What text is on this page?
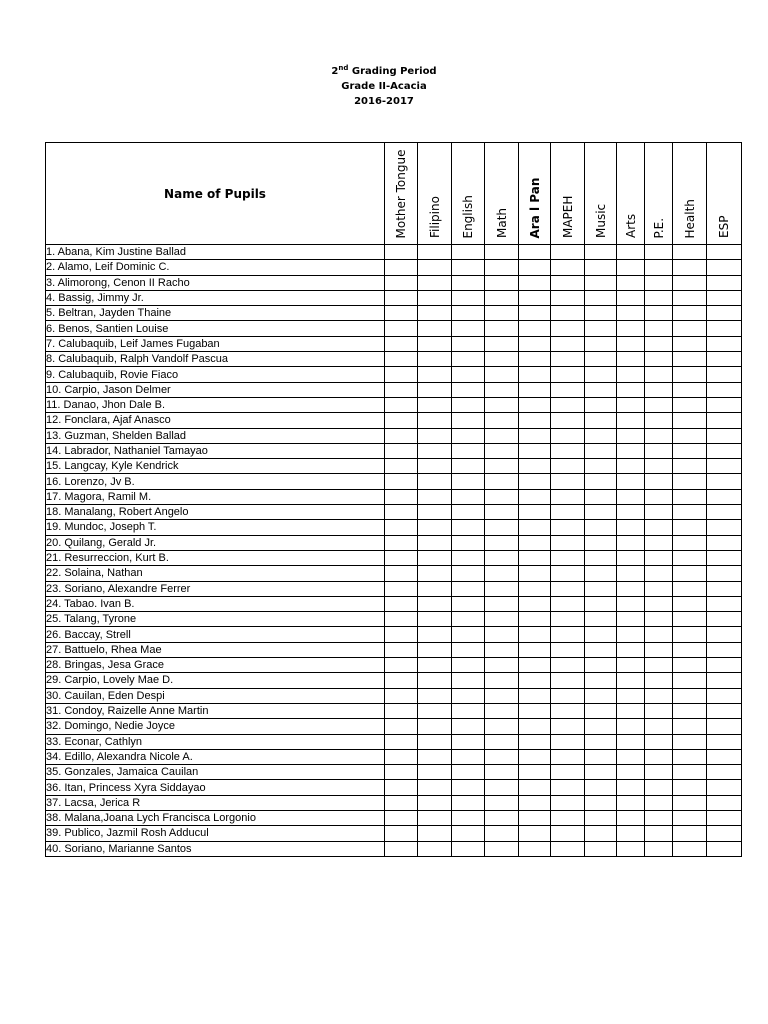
2nd Grading Period
Grade II-Acacia
2016-2017
Name of Pupils	Mother Tongue	Filipino	English	Math	Ara l Pan	MAPEH	Music	Arts	P.E.	Health	ESP

1. Abana, Kim Justine Ballad											
2. Alamo, Leif Dominic C.											
3. Alimorong, Cenon II Racho											
4. Bassig, Jimmy Jr.											
5. Beltran, Jayden Thaine											
6. Benos, Santien Louise											
7. Calubaquib, Leif James Fugaban											
8. Calubaquib, Ralph Vandolf Pascua											
9. Calubaquib, Rovie Fiaco											
10. Carpio, Jason Delmer											
11. Danao, Jhon Dale B.											
12. Fonclara, Ajaf Anasco											
13. Guzman, Shelden Ballad											
14. Labrador, Nathaniel Tamayao											
15. Langcay, Kyle Kendrick											
16. Lorenzo, Jv B.											
17. Magora, Ramil M.											
18. Manalang, Robert Angelo											
19. Mundoc, Joseph T.											
20. Quilang, Gerald Jr.											
21. Resurreccion, Kurt B.											
22. Solaina, Nathan											
23. Soriano, Alexandre Ferrer											
24. Tabao. Ivan B.											
25. Talang, Tyrone											
26. Baccay, Strell											
27. Battuelo, Rhea Mae											
28. Bringas, Jesa Grace											
29. Carpio, Lovely Mae D.											
30. Cauilan, Eden Despi											
31. Condoy, Raizelle Anne Martin											
32. Domingo, Nedie Joyce											
33. Econar, Cathlyn											
34. Edillo, Alexandra Nicole A.											
35. Gonzales, Jamaica Cauilan											
36. Itan, Princess Xyra Siddayao											
37. Lacsa, Jerica R											
38. Malana,Joana Lych Francisca Lorgonio											
39. Publico, Jazmil Rosh Adducul											
40. Soriano, Marianne Santos											
